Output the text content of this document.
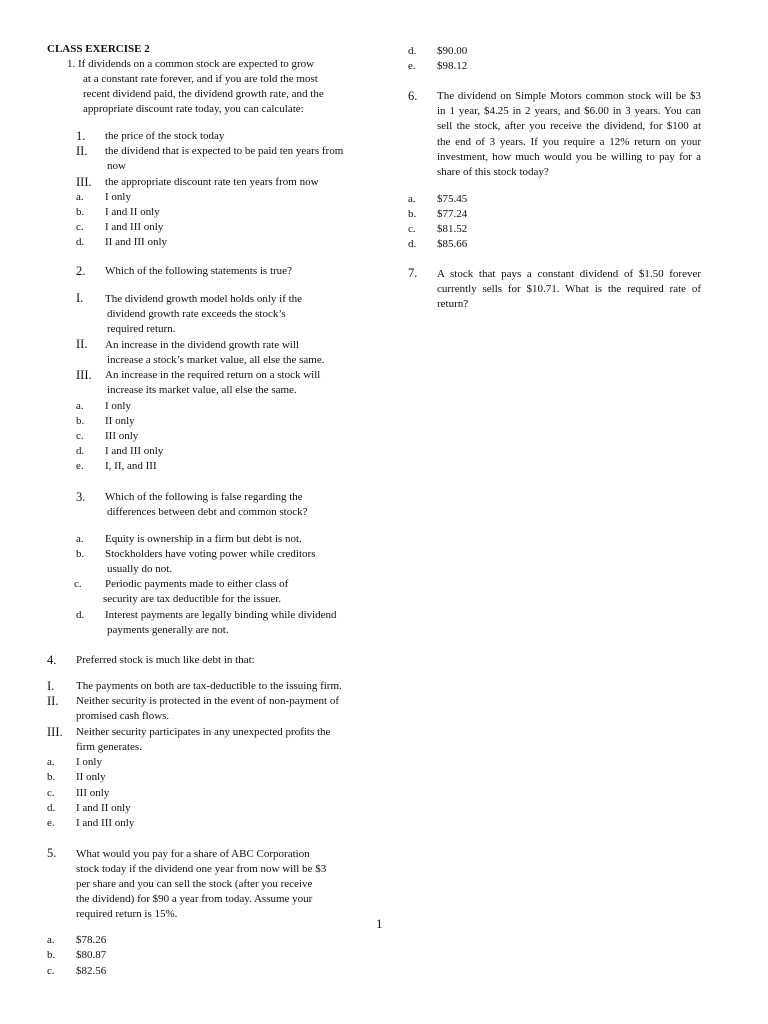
CLASS EXERCISE 2
1. If dividends on a common stock are expected to grow
at a constant rate forever, and if you are told the most
recent dividend paid, the dividend growth rate, and the
appropriate discount rate today, you can calculate:
1. the price of the stock today
II. the dividend that is expected to be paid ten years from
now
III. the appropriate discount rate ten years from now
a. I only
b. I and II only
c. I and III only
d. II and III only
2. Which of the following statements is true?
I. The dividend growth model holds only if the
dividend growth rate exceeds the stock’s
required return.
II. An increase in the dividend growth rate will
increase a stock’s market value, all else the same.
III. An increase in the required return on a stock will
increase its market value, all else the same.
a. I only
b. II only
c. III only
d. I and III only
e. I, II, and III
3. Which of the following is false regarding the
differences between debt and common stock?
a. Equity is ownership in a firm but debt is not.
b. Stockholders have voting power while creditors
usually do not.
c. Periodic payments made to either class of
security are tax deductible for the issuer.
d. Interest payments are legally binding while dividend
payments generally are not.
4. Preferred stock is much like debt in that:
I. The payments on both are tax-deductible to the issuing firm.
II. Neither security is protected in the event of non-payment of
promised cash flows.
III. Neither security participates in any unexpected profits the
firm generates.
a. I only
b. II only
c. III only
d. I and II only
e. I and III only
5. What would you pay for a share of ABC Corporation
stock today if the dividend one year from now will be $3
per share and you can sell the stock (after you receive
the dividend) for $90 a year from today. Assume your
required return is 15%.
a. $78.26
b. $80.87
c. $82.56
d. $90.00
e. $98.12
6. The dividend on Simple Motors common stock will be $3 in 1 year, $4.25 in 2 years, and $6.00 in 3 years. You can sell the stock, after you receive the dividend, for $100 at the end of 3 years. If you require a 12% return on your investment, how much would you be willing to pay for a share of this stock today?
a. $75.45
b. $77.24
c. $81.52
d. $85.66
7. A stock that pays a constant dividend of $1.50 forever currently sells for $10.71. What is the required rate of return?
1
